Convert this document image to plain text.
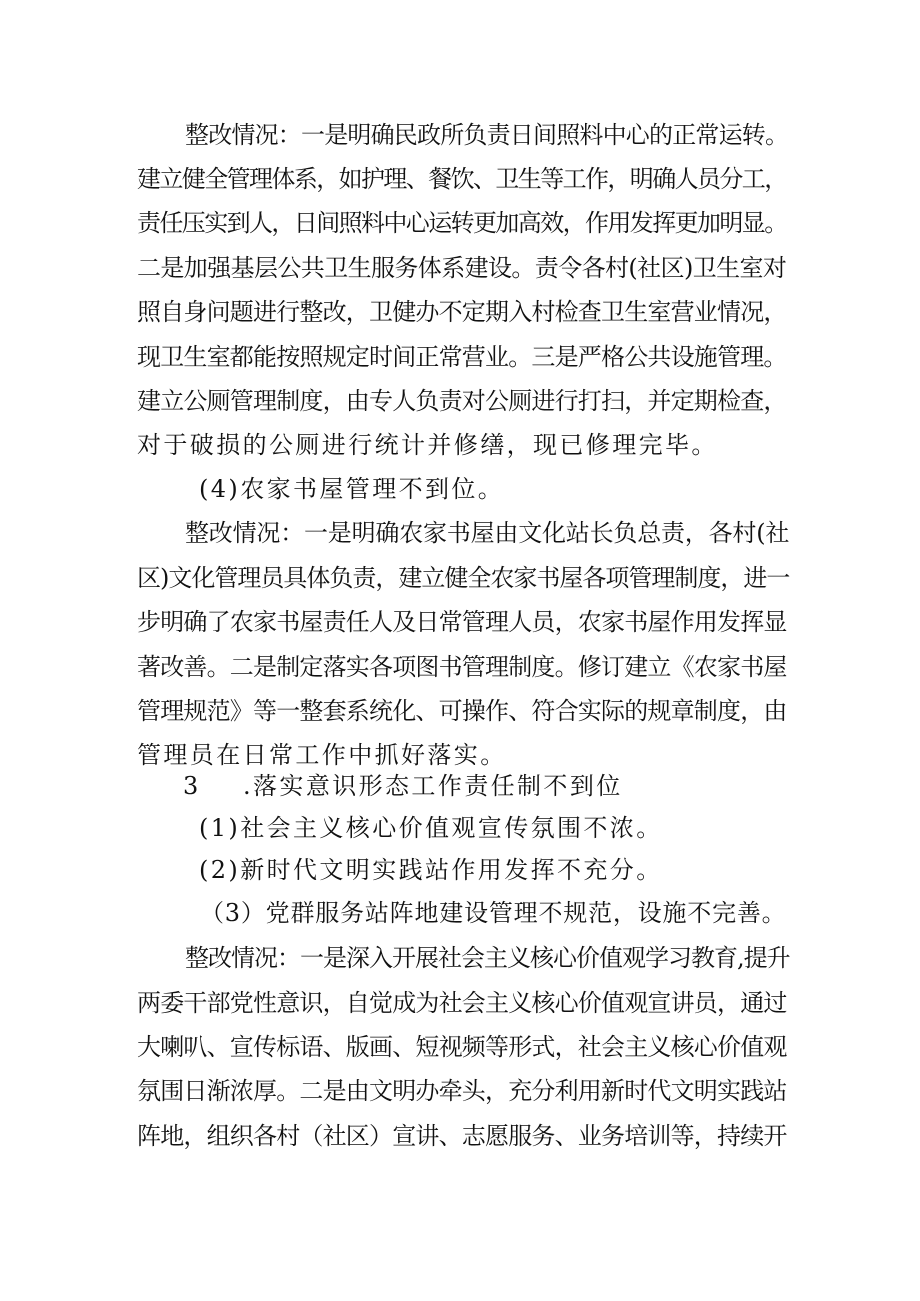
整改情况：一是明确民政所负责日间照料中心的正常运转。
建立健全管理体系，如护理、餐饮、卫生等工作，明确人员分工，
责任压实到人，日间照料中心运转更加高效，作用发挥更加明显。
二是加强基层公共卫生服务体系建设。责令各村(社区)卫生室对
照自身问题进行整改，卫健办不定期入村检查卫生室营业情况，
现卫生室都能按照规定时间正常营业。三是严格公共设施管理。
建立公厕管理制度，由专人负责对公厕进行打扫，并定期检查，
对于破损的公厕进行统计并修缮，现已修理完毕。
(4)农家书屋管理不到位。
整改情况：一是明确农家书屋由文化站长负总责，各村(社
区)文化管理员具体负责，建立健全农家书屋各项管理制度，进一
步明确了农家书屋责任人及日常管理人员，农家书屋作用发挥显
著改善。二是制定落实各项图书管理制度。修订建立《农家书屋
管理规范》等一整套系统化、可操作、符合实际的规章制度，由
管理员在日常工作中抓好落实。
3 .落实意识形态工作责任制不到位
(1)社会主义核心价值观宣传氛围不浓。
(2)新时代文明实践站作用发挥不充分。
（3）党群服务站阵地建设管理不规范，设施不完善。
整改情况：一是深入开展社会主义核心价值观学习教育,提升
两委干部党性意识，自觉成为社会主义核心价值观宣讲员，通过
大喇叭、宣传标语、版画、短视频等形式，社会主义核心价值观
氛围日渐浓厚。二是由文明办牵头，充分利用新时代文明实践站
阵地，组织各村（社区）宣讲、志愿服务、业务培训等，持续开
